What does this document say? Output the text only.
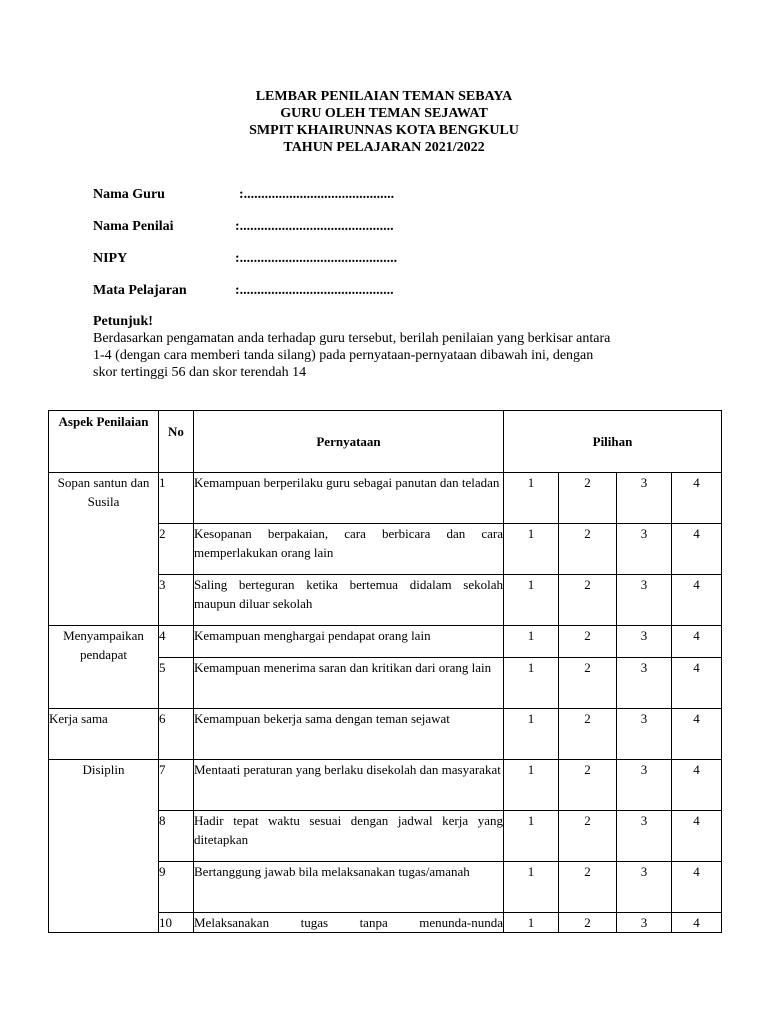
LEMBAR PENILAIAN TEMAN SEBAYA
GURU OLEH TEMAN SEJAWAT
SMPIT KHAIRUNNAS KOTA BENGKULU
TAHUN PELAJARAN 2021/2022
Nama Guru	:...........................................
Nama Penilai	:............................................
NIPY	:.............................................
Mata Pelajaran	:............................................
Petunjuk!
Berdasarkan pengamatan anda terhadap guru tersebut, berilah penilaian yang berkisar antara
1-4 (dengan cara memberi tanda silang) pada pernyataan-pernyataan dibawah ini, dengan
skor tertinggi 56 dan skor terendah 14
Aspek Penilaian	No	Pernyataan	Pilihan			
Sopan santun dan Susila	1	Kemampuan berperilaku guru sebagai panutan dan teladan	1	2	3	4
	2	Kesopanan berpakaian, cara berbicara dan cara memperlakukan orang lain	1	2	3	4
	3	Saling berteguran ketika bertemua didalam sekolah maupun diluar sekolah	1	2	3	4
Menyampaikan pendapat	4	Kemampuan menghargai pendapat orang lain	1	2	3	4
	5	Kemampuan menerima saran dan kritikan dari orang lain	1	2	3	4
Kerja sama	6	Kemampuan bekerja sama dengan teman sejawat	1	2	3	4
Disiplin	7	Mentaati peraturan yang berlaku disekolah dan masyarakat	1	2	3	4
	8	Hadir tepat waktu sesuai dengan jadwal kerja yang ditetapkan	1	2	3	4
	9	Bertanggung jawab bila melaksanakan tugas/amanah	1	2	3	4
	10	Melaksanakan tugas tanpa menunda-nunda	1	2	3	4
